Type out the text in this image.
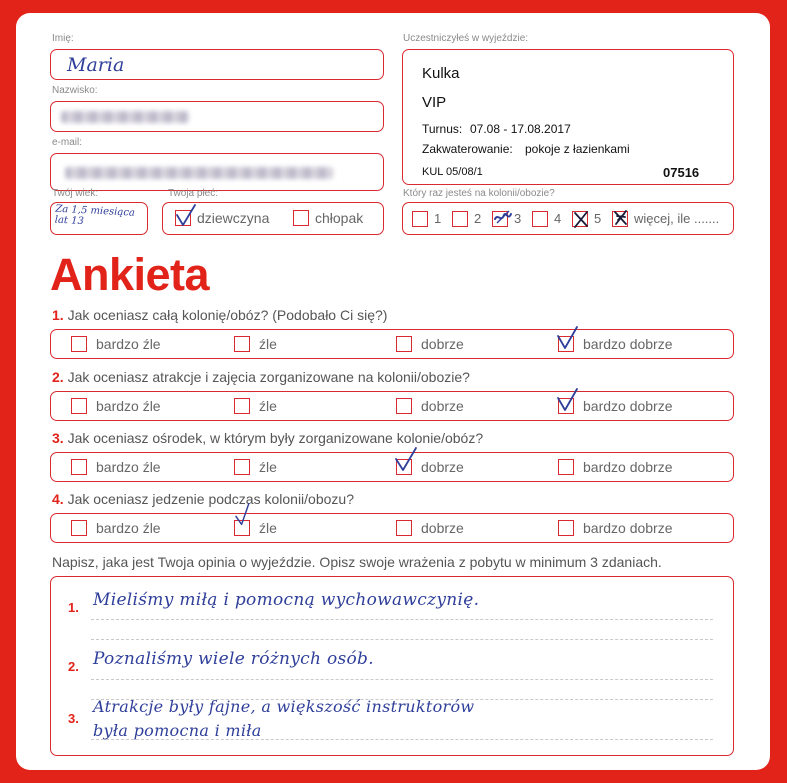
Imię:
Maria
Nazwisko:
e-mail:
Twój wiek:
Za 1,5 miesiąca lat 13
Twoja płeć:
dziewczyna	chłopak
Uczestniczyłeś w wyjeździe:
Kulka
VIP
Turnus: 07.08 - 17.08.2017
Zakwaterowanie: pokoje z łazienkami
KUL 05/08/1	07516
Który raz jesteś na kolonii/obozie?
1	2	3	4	5	więcej, ile .......
Ankieta
1. Jak oceniasz całą kolonię/obóz? (Podobało Ci się?)
bardzo źle	źle	dobrze	bardzo dobrze
2. Jak oceniasz atrakcje i zajęcia zorganizowane na kolonii/obozie?
bardzo źle	źle	dobrze	bardzo dobrze
3. Jak oceniasz ośrodek, w którym były zorganizowane kolonie/obóz?
bardzo źle	źle	dobrze	bardzo dobrze
4. Jak oceniasz jedzenie podczas kolonii/obozu?
bardzo źle	źle	dobrze	bardzo dobrze
Napisz, jaka jest Twoja opinia o wyjeździe. Opisz swoje wrażenia z pobytu w minimum 3 zdaniach.
1. Mieliśmy miłą i pomocną wychowawczynię.
2. Poznaliśmy wiele różnych osób.
3.
Atrakcje były fajne, a większość instruktorów
była pomocna i miła
